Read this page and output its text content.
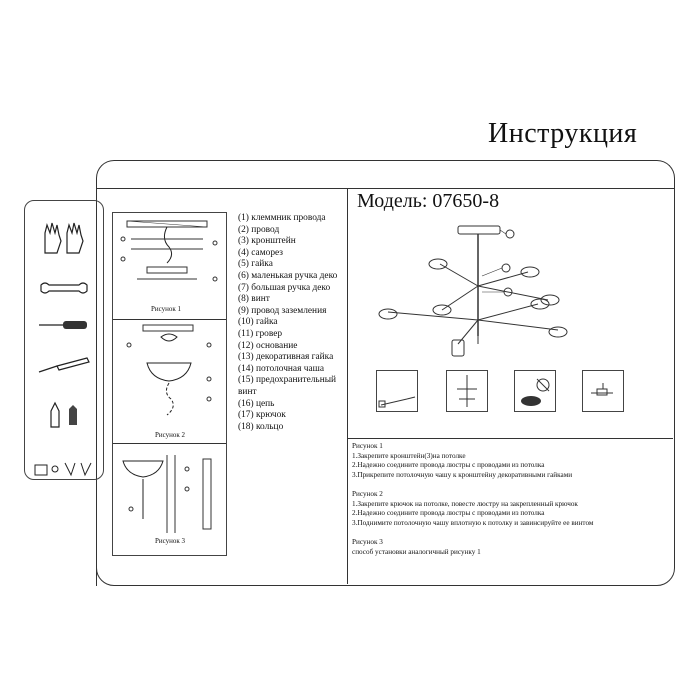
Инструкция
Рисунок 1
Рисунок 2
Рисунок 3
(1) клеммник провода
(2) провод
(3) кронштейн
(4) саморез
(5) гайка
(6) маленькая ручка деко
(7) большая ручка деко
(8) винт
(9) провод заземления
(10) гайка
(11) гровер
(12) основание
(13) декоративная гайка
(14) потолочная чаша
(15) предохранительный
винт
(16) цепь
(17) крючок
(18) кольцо
Модель: 07650-8
Рисунок 1
1.Закрепите кронштейн(3)на потолке
2.Надежно соедините провода люстры с проводами из потолка
3.Прикрепите потолочную чашу к кронштейну декоративными гайками
Рисунок 2
1.Закрепите крючок на потолке, повесте люстру на закрепленный крючок
2.Надежно соедините провода люстры с проводами из потолка
3.Поднимите потолочную чашу вплотную к потолку и завинсируйте ее винтом
Рисунок 3
способ установки аналогичный рисунку 1
